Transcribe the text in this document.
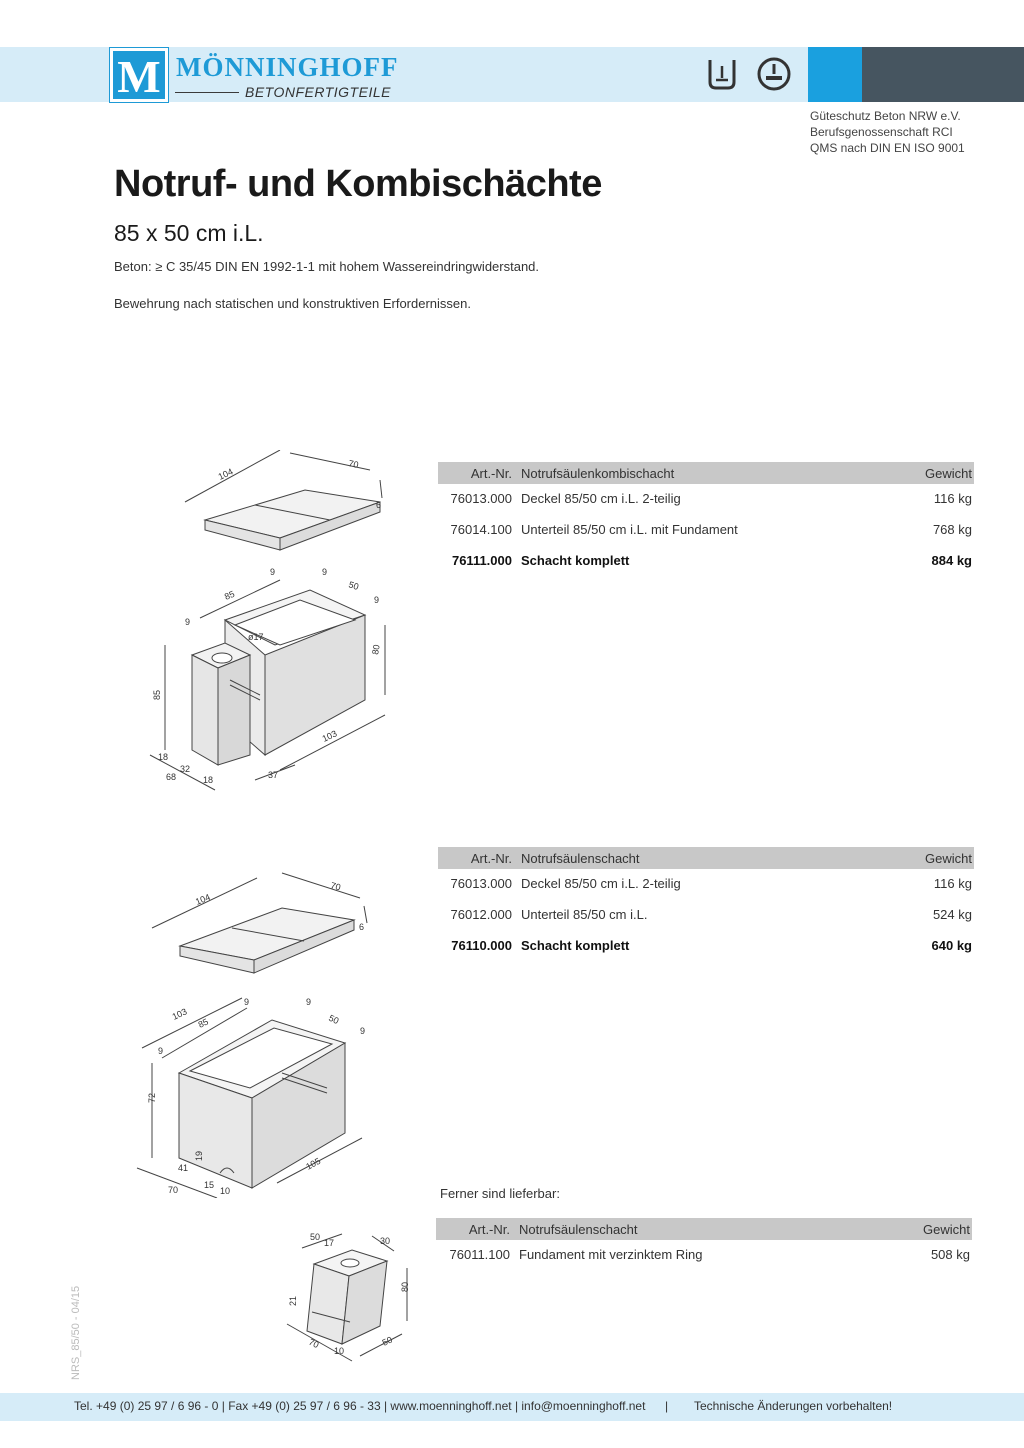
M MÖNNINGHOFF
BETONFERTIGTEILE
Güteschutz Beton NRW e.V.
Berufsgenossenschaft RCI
QMS nach DIN EN ISO 9001
Notruf- und Kombischächte
85 x 50 cm i.L.
Beton: ≥ C 35/45 DIN EN 1992-1-1 mit hohem Wassereindringwiderstand.
Bewehrung nach statischen und konstruktiven Erfordernissen.
Art.-Nr. Notrufsäulenkombischacht	Gewicht
76013.000 Deckel 85/50 cm i.L. 2-teilig	116 kg
76014.100 Unterteil 85/50 cm i.L. mit Fundament	768 kg
76111.000 Schacht komplett	884 kg
Art.-Nr. Notrufsäulenschacht	Gewicht
76013.000 Deckel 85/50 cm i.L. 2-teilig	116 kg
76012.000 Unterteil 85/50 cm i.L.	524 kg
76110.000 Schacht komplett	640 kg
Ferner sind lieferbar:
Art.-Nr. Notrufsäulenschacht	Gewicht
76011.100 Fundament mit verzinktem Ring	508 kg
104
70
6
9	9
85
50
9
9
ø17
80
85
103
18
32
68	18	37
104
70
6
103
85
9	9
50
9
9
72
19
41
70	15
10
105
50
17	30
80
21
70
10
50
NRS_85/50 - 04/15
Tel. +49 (0) 25 97 / 6 96 - 0 | Fax +49 (0) 25 97 / 6 96 - 33 | www.moenninghoff.net | info@moenninghoff.net | Technische Änderungen vorbehalten!
